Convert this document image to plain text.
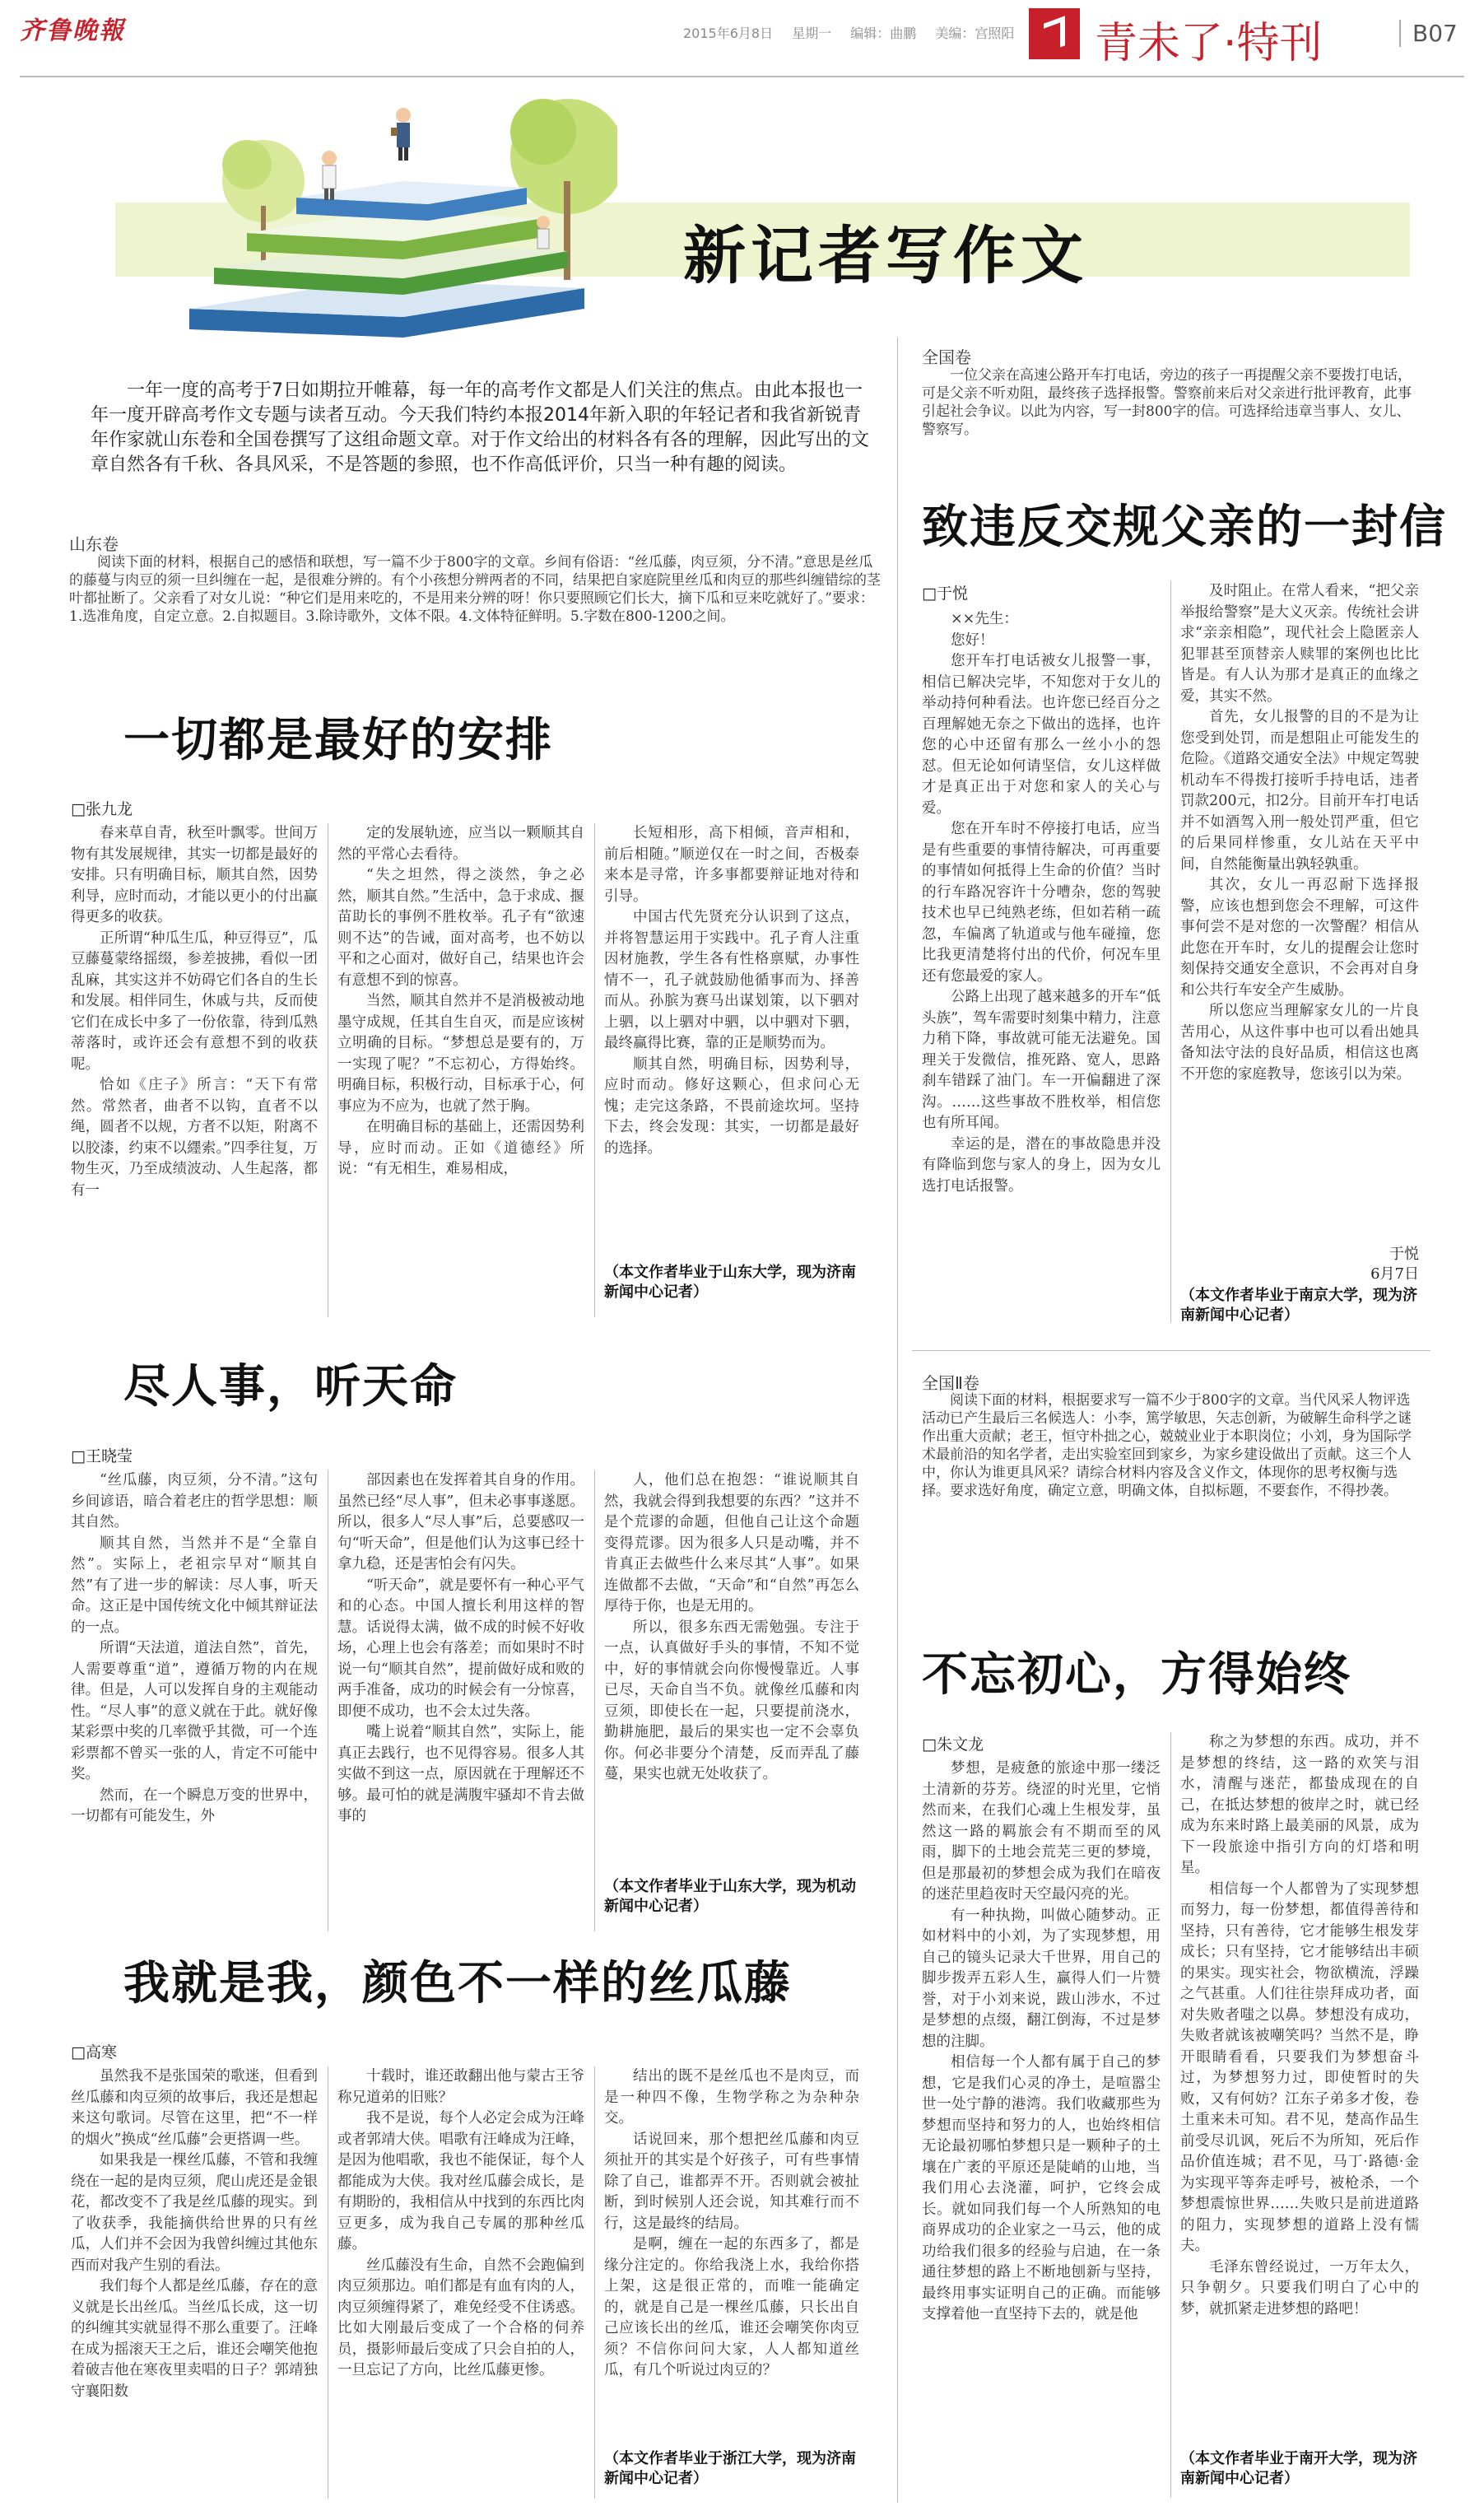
齐鲁晚報	2015年6月8日 星期一 编辑：曲鹏 美编：宫照阳	青未了·特刊	B07
新记者写作文
一年一度的高考于7日如期拉开帷幕，每一年的高考作文都是人们关注的焦点。由此本报也一年一度开辟高考作文专题与读者互动。今天我们特约本报2014年新入职的年轻记者和我省新锐青年作家就山东卷和全国卷撰写了这组命题文章。对于作文给出的材料各有各的理解，因此写出的文章自然各有千秋、各具风采，不是答题的参照，也不作高低评价，只当一种有趣的阅读。
山东卷
阅读下面的材料，根据自己的感悟和联想，写一篇不少于800字的文章。乡间有俗语：“丝瓜藤，肉豆须，分不清。”意思是丝瓜的藤蔓与肉豆的须一旦纠缠在一起，是很难分辨的。有个小孩想分辨两者的不同，结果把自家庭院里丝瓜和肉豆的那些纠缠错综的茎叶都扯断了。父亲看了对女儿说：“种它们是用来吃的，不是用来分辨的呀！你只要照顾它们长大，摘下瓜和豆来吃就好了。”要求：1.选准角度，自定立意。2.自拟题目。3.除诗歌外，文体不限。4.文体特征鲜明。5.字数在800-1200之间。
一切都是最好的安排
□张九龙

春来草自青，秋至叶飘零。世间万物有其发展规律，其实一切都是最好的安排。只有明确目标，顺其自然，因势利导，应时而动，才能以更小的付出赢得更多的收获。

正所谓“种瓜生瓜，种豆得豆”，瓜豆藤蔓蒙络摇缀，参差披拂，看似一团乱麻，其实这并不妨碍它们各自的生长和发展。相伴同生，休戚与共，反而使它们在成长中多了一份依靠，待到瓜熟蒂落时，或许还会有意想不到的收获呢。

恰如《庄子》所言：“天下有常然。常然者，曲者不以钩，直者不以绳，圆者不以规，方者不以矩，附离不以胶漆，约束不以纆索。”四季往复，万物生灭，乃至成绩波动、人生起落，都有一

定的发展轨迹，应当以一颗顺其自然的平常心去看待。

“失之坦然，得之淡然，争之必然，顺其自然。”生活中，急于求成、揠苗助长的事例不胜枚举。孔子有“欲速则不达”的告诫，面对高考，也不妨以平和之心面对，做好自己，结果也许会有意想不到的惊喜。

当然，顺其自然并不是消极被动地墨守成规，任其自生自灭，而是应该树立明确的目标。“梦想总是要有的，万一实现了呢？”不忘初心，方得始终。明确目标，积极行动，目标承于心，何事应为不应为，也就了然于胸。

在明确目标的基础上，还需因势利导，应时而动。正如《道德经》所说：“有无相生，难易相成，

长短相形，高下相倾，音声相和，前后相随。”顺逆仅在一时之间，否极泰来本是寻常，许多事都要辩证地对待和引导。

中国古代先贤充分认识到了这点，并将智慧运用于实践中。孔子育人注重因材施教，学生各有性格禀赋，办事性情不一，孔子就鼓励他循事而为、择善而从。孙膑为赛马出谋划策，以下驷对上驷，以上驷对中驷，以中驷对下驷，最终赢得比赛，靠的正是顺势而为。

顺其自然，明确目标，因势利导，应时而动。修好这颗心，但求问心无愧；走完这条路，不畏前途坎坷。坚持下去，终会发现：其实，一切都是最好的选择。

（本文作者毕业于山东大学，现为济南新闻中心记者）
尽人事，听天命
□王晓莹

“丝瓜藤，肉豆须，分不清。”这句乡间谚语，暗合着老庄的哲学思想：顺其自然。

顺其自然，当然并不是“全靠自然”。实际上，老祖宗早对“顺其自然”有了进一步的解读：尽人事，听天命。这正是中国传统文化中倾其辩证法的一点。

所谓“天法道，道法自然”，首先，人需要尊重“道”，遵循万物的内在规律。但是，人可以发挥自身的主观能动性。“尽人事”的意义就在于此。就好像某彩票中奖的几率微乎其微，可一个连彩票都不曾买一张的人，肯定不可能中奖。

然而，在一个瞬息万变的世界中，一切都有可能发生，外

部因素也在发挥着其自身的作用。虽然已经“尽人事”，但未必事事遂愿。所以，很多人“尽人事”后，总要感叹一句“听天命”，但是他们认为这事已经十拿九稳，还是害怕会有闪失。

“听天命”，就是要怀有一种心平气和的心态。中国人擅长利用这样的智慧。话说得太满，做不成的时候不好收场，心理上也会有落差；而如果时不时说一句“顺其自然”，提前做好成和败的两手准备，成功的时候会有一分惊喜，即便不成功，也不会太过失落。

嘴上说着“顺其自然”，实际上，能真正去践行，也不见得容易。很多人其实做不到这一点，原因就在于理解还不够。最可怕的就是满腹牢骚却不肯去做事的

人，他们总在抱怨：“谁说顺其自然，我就会得到我想要的东西？”这并不是个荒谬的命题，但他自己让这个命题变得荒谬。因为很多人只是动嘴，并不肯真正去做些什么来尽其“人事”。如果连做都不去做，“天命”和“自然”再怎么厚待于你，也是无用的。

所以，很多东西无需勉强。专注于一点，认真做好手头的事情，不知不觉中，好的事情就会向你慢慢靠近。人事已尽，天命自当不负。就像丝瓜藤和肉豆须，即使长在一起，只要提前浇水，勤耕施肥，最后的果实也一定不会辜负你。何必非要分个清楚，反而弄乱了藤蔓，果实也就无处收获了。

（本文作者毕业于山东大学，现为机动新闻中心记者）
我就是我，颜色不一样的丝瓜藤
□高寒

虽然我不是张国荣的歌迷，但看到丝瓜藤和肉豆须的故事后，我还是想起来这句歌词。尽管在这里，把“不一样的烟火”换成“丝瓜藤”会更搭调一些。

如果我是一棵丝瓜藤，不管和我缠绕在一起的是肉豆须，爬山虎还是金银花，都改变不了我是丝瓜藤的现实。到了收获季，我能摘供给世界的只有丝瓜，人们并不会因为我曾纠缠过其他东西而对我产生别的看法。

我们每个人都是丝瓜藤，存在的意义就是长出丝瓜。当丝瓜长成，这一切的纠缠其实就显得不那么重要了。汪峰在成为摇滚天王之后，谁还会嘲笑他抱着破吉他在寒夜里卖唱的日子？郭靖独守襄阳数

十载时，谁还敢翻出他与蒙古王爷称兄道弟的旧账？

我不是说，每个人必定会成为汪峰或者郭靖大侠。唱歌有汪峰成为汪峰，是因为他唱歌，我也不能保证，每个人都能成为大侠。我对丝瓜藤会成长，是有期盼的，我相信从中找到的东西比肉豆更多，成为我自己专属的那种丝瓜藤。

丝瓜藤没有生命，自然不会跑偏到肉豆须那边。咱们都是有血有肉的人，肉豆须缠得紧了，难免经受不住诱惑。比如大刚最后变成了一个合格的伺养员，摄影师最后变成了只会自拍的人，一旦忘记了方向，比丝瓜藤更惨。

结出的既不是丝瓜也不是肉豆，而是一种四不像，生物学称之为杂种杂交。

话说回来，那个想把丝瓜藤和肉豆须扯开的其实是个好孩子，可有些事情除了自己，谁都弄不开。否则就会被扯断，到时候别人还会说，知其难行而不行，这是最终的结局。

是啊，缠在一起的东西多了，都是缘分注定的。你给我浇上水，我给你搭上架，这是很正常的，而唯一能确定的，就是自己是一棵丝瓜藤，只长出自己应该长出的丝瓜，谁还会嘲笑你肉豆须？不信你问问大家，人人都知道丝瓜，有几个听说过肉豆的？

（本文作者毕业于浙江大学，现为济南新闻中心记者）
全国卷
一位父亲在高速公路开车打电话，旁边的孩子一再提醒父亲不要拨打电话，可是父亲不听劝阻，最终孩子选择报警。警察前来后对父亲进行批评教育，此事引起社会争议。以此为内容，写一封800字的信。可选择给违章当事人、女儿、警察写。
致违反交规父亲的一封信
□于悦

××先生：

您好！

您开车打电话被女儿报警一事，相信已解决完毕，不知您对于女儿的举动持何种看法。也许您已经百分之百理解她无奈之下做出的选择，也许您的心中还留有那么一丝小小的怨怼。但无论如何请坚信，女儿这样做才是真正出于对您和家人的关心与爱。

您在开车时不停接打电话，应当是有些重要的事情待解决，可再重要的事情如何抵得上生命的价值？当时的行车路况容许十分嘈杂，您的驾驶技术也早已纯熟老练，但如若稍一疏忽，车偏离了轨道或与他车碰撞，您比我更清楚将付出的代价，何况车里还有您最爱的家人。

公路上出现了越来越多的开车“低头族”，驾车需要时刻集中精力，注意力稍下降，事故就可能无法避免。国理关于发微信，推死路、宽人，思路刹车错踩了油门。车一开偏翻进了深沟。……这些事故不胜枚举，相信您也有所耳闻。

幸运的是，潜在的事故隐患并没有降临到您与家人的身上，因为女儿选打电话报警。

及时阻止。在常人看来，“把父亲举报给警察”是大义灭亲。传统社会讲求“亲亲相隐”，现代社会上隐匿亲人犯罪甚至顶替亲人赎罪的案例也比比皆是。有人认为那才是真正的血缘之爱，其实不然。

首先，女儿报警的目的不是为让您受到处罚，而是想阻止可能发生的危险。《道路交通安全法》中规定驾驶机动车不得拨打接听手持电话，违者罚款200元，扣2分。目前开车打电话并不如酒驾入刑一般处罚严重，但它的后果同样惨重，女儿站在天平中间，自然能衡量出孰轻孰重。

其次，女儿一再忍耐下选择报警，应该也想到您会不理解，可这件事何尝不是对您的一次警醒？相信从此您在开车时，女儿的提醒会让您时刻保持交通安全意识，不会再对自身和公共行车安全产生威胁。

所以您应当理解家女儿的一片良苦用心，从这件事中也可以看出她具备知法守法的良好品质，相信这也离不开您的家庭教导，您该引以为荣。

于悦
6月7日
（本文作者毕业于南京大学，现为济南新闻中心记者）
全国Ⅱ卷
阅读下面的材料，根据要求写一篇不少于800字的文章。当代风采人物评选活动已产生最后三名候选人：小李，篤学敏思，矢志创新，为破解生命科学之谜作出重大贡献；老王，恒守朴拙之心，兢兢业业于本职岗位；小刘，身为国际学术最前沿的知名学者，走出实验室回到家乡，为家乡建设做出了贡献。这三个人中，你认为谁更具风采？请综合材料内容及含义作文，体现你的思考权衡与选择。要求选好角度，确定立意，明确文体，自拟标题，不要套作，不得抄袭。
不忘初心，方得始终
□朱文龙

梦想，是疲惫的旅途中那一缕泛土清新的芬芳。绕涩的时光里，它悄然而来，在我们心魂上生根发芽，虽然这一路的羁旅会有不期而至的风雨，脚下的土地会荒芜三更的梦境，但是那最初的梦想会成为我们在暗夜的迷茫里趋夜时天空最闪亮的光。

有一种执拗，叫做心随梦动。正如材料中的小刘，为了实现梦想，用自己的镜头记录大千世界，用自己的脚步拨弄五彩人生，赢得人们一片赞誉，对于小刘来说，跋山涉水，不过是梦想的点缀，翻江倒海，不过是梦想的注脚。

相信每一个人都有属于自己的梦想，它是我们心灵的净土，是喧嚣尘世一处宁静的港湾。我们收藏那些为梦想而坚持和努力的人，也始终相信无论最初哪怕梦想只是一颗种子的土壤在广袤的平原还是陡峭的山地，当我们用心去浇灌，呵护，它终会成长。就如同我们每一个人所熟知的电商界成功的企业家之一马云，他的成功给我们很多的经验与启迪，在一条通往梦想的路上不断地刨新与坚持，最终用事实证明自己的正确。而能够支撑着他一直坚持下去的，就是他

称之为梦想的东西。成功，并不是梦想的终结，这一路的欢笑与泪水，清醒与迷茫，都蛰成现在的自己，在抵达梦想的彼岸之时，就已经成为东来时路上最美丽的风景，成为下一段旅途中指引方向的灯塔和明星。

相信每一个人都曾为了实现梦想而努力，每一份梦想，都值得善待和坚持，只有善待，它才能够生根发芽成长；只有坚持，它才能够结出丰硕的果实。现实社会，物欲横流，浮躁之气甚重。人们往往崇拜成功者，面对失败者嗤之以鼻。梦想没有成功，失败者就该被嘲笑吗？当然不是，睁开眼睛看看，只要我们为梦想奋斗过，为梦想努力过，即使暂时的失败，又有何妨？江东子弟多才俊，卷土重来未可知。君不见，楚高作品生前受尽讥讽，死后不为所知，死后作品价值连城；君不见，马丁·路德·金为实现平等奔走呼号，被枪杀，一个梦想震惊世界……失败只是前进道路的阻力，实现梦想的道路上没有懦夫。

毛泽东曾经说过，一万年太久，只争朝夕。只要我们明白了心中的梦，就抓紧走进梦想的路吧！

（本文作者毕业于南开大学，现为济南新闻中心记者）
